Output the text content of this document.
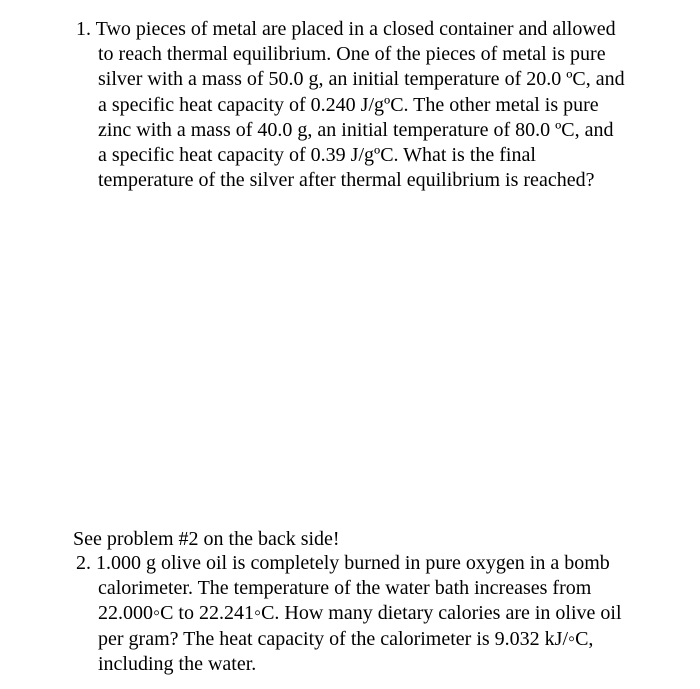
1. Two pieces of metal are placed in a closed container and allowed
to reach thermal equilibrium. One of the pieces of metal is pure
silver with a mass of 50.0 g, an initial temperature of 20.0 ºC, and
a specific heat capacity of 0.240 J/gºC. The other metal is pure
zinc with a mass of 40.0 g, an initial temperature of 80.0 ºC, and
a specific heat capacity of 0.39 J/gºC. What is the final
temperature of the silver after thermal equilibrium is reached?
See problem #2 on the back side!
2. 1.000 g olive oil is completely burned in pure oxygen in a bomb
calorimeter. The temperature of the water bath increases from
22.000◦C to 22.241◦C. How many dietary calories are in olive oil
per gram? The heat capacity of the calorimeter is 9.032 kJ/◦C,
including the water.
